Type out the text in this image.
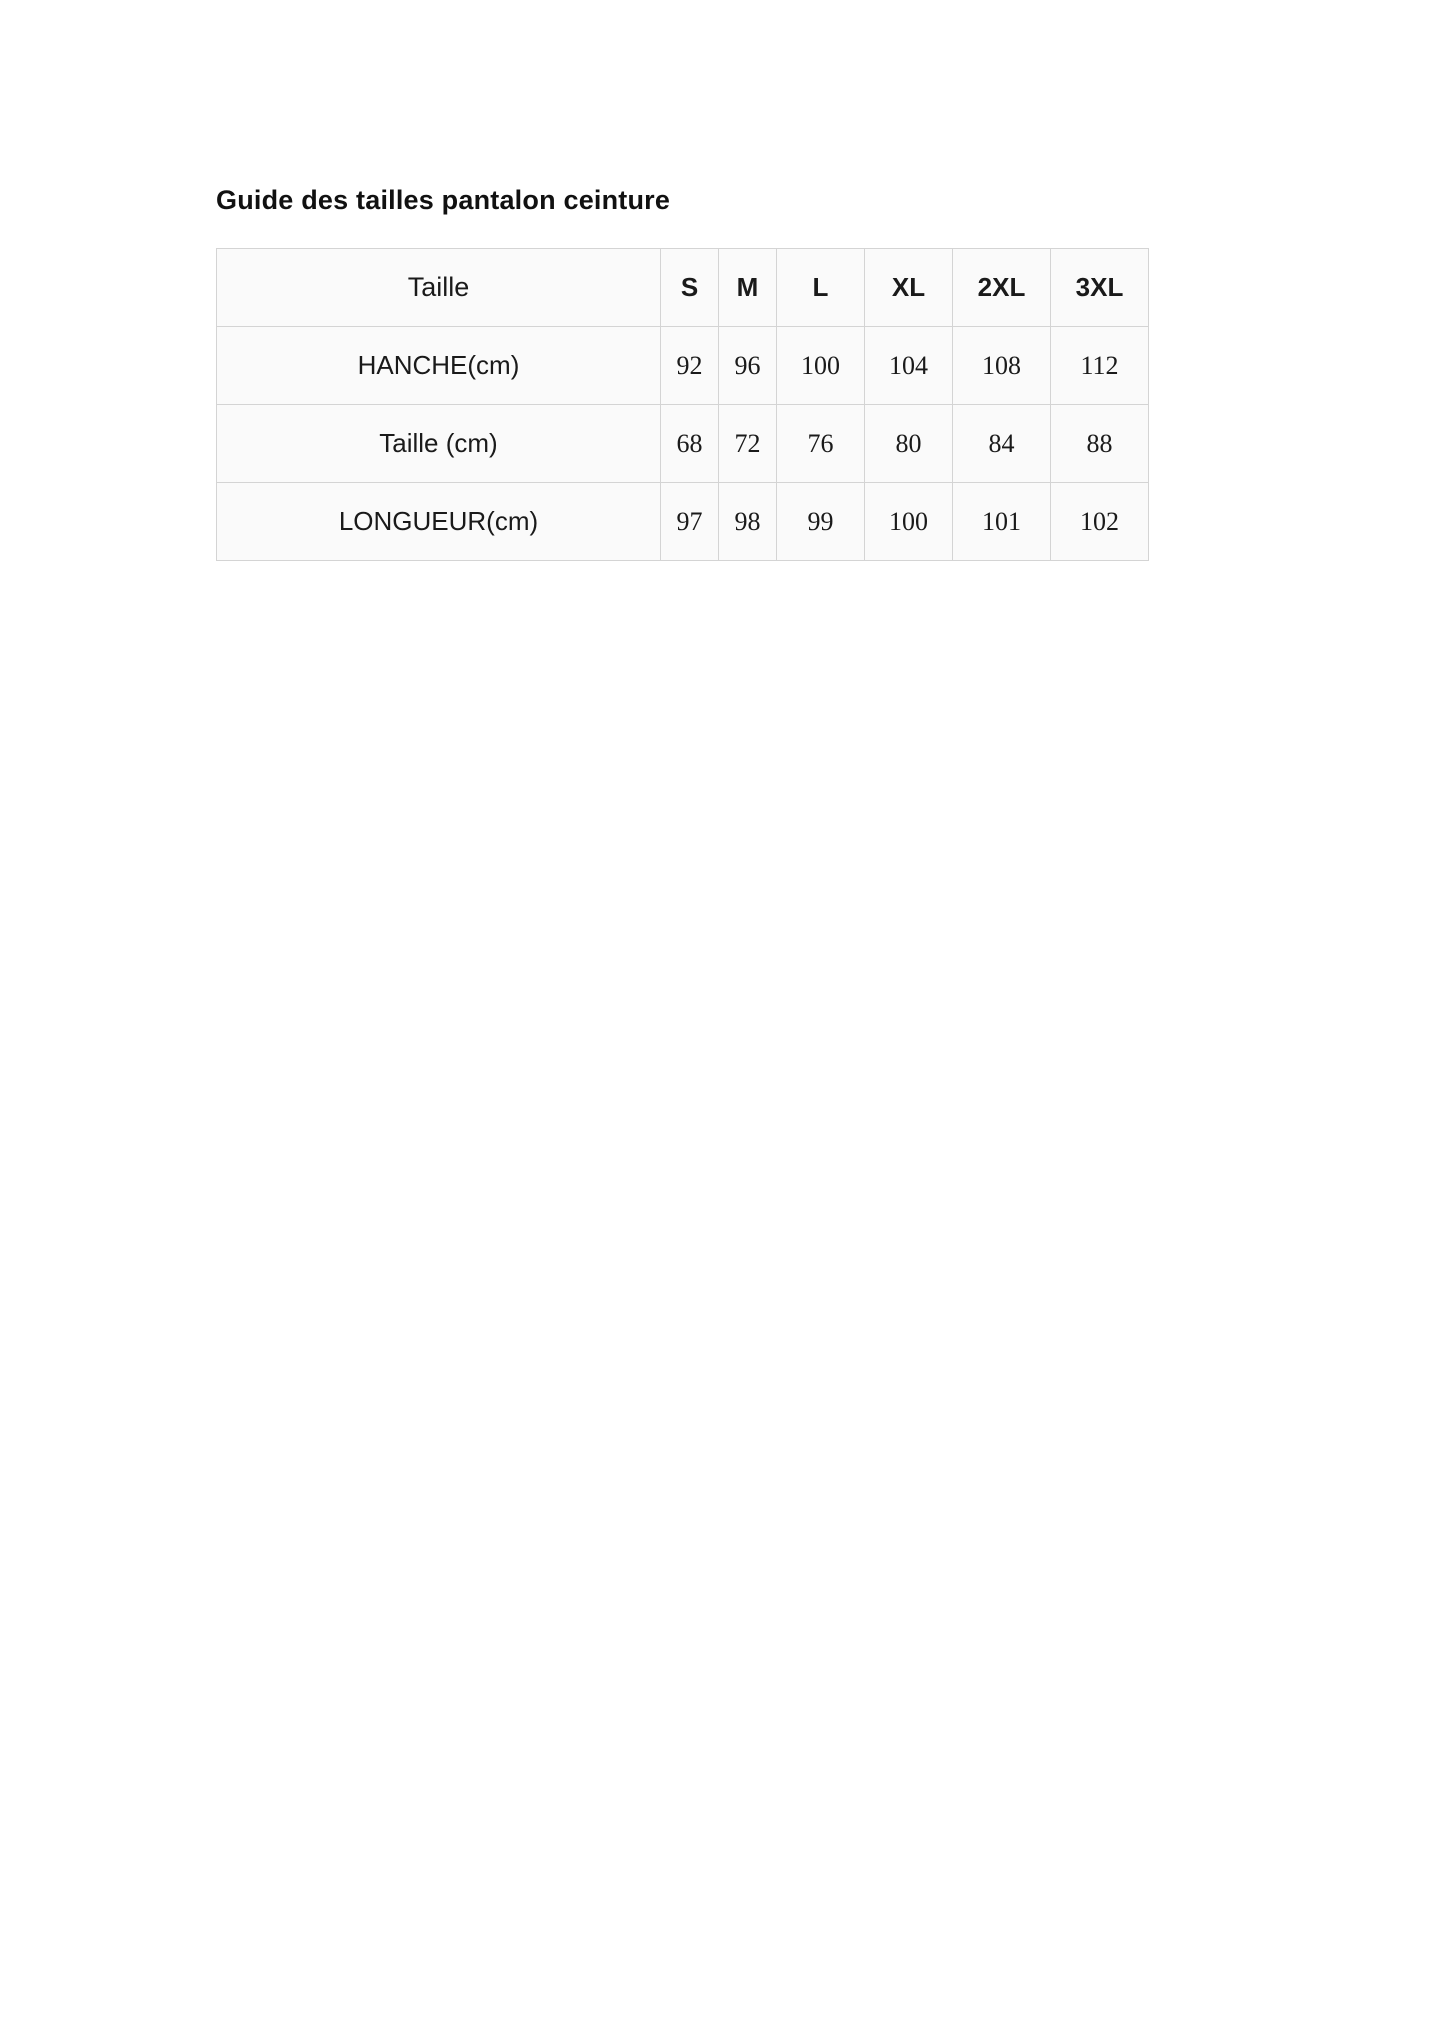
Guide des tailles pantalon ceinture
Taille	S	M	L	XL	2XL	3XL
HANCHE(cm)	92	96	100	104	108	112
Taille (cm)	68	72	76	80	84	88
LONGUEUR(cm)	97	98	99	100	101	102
